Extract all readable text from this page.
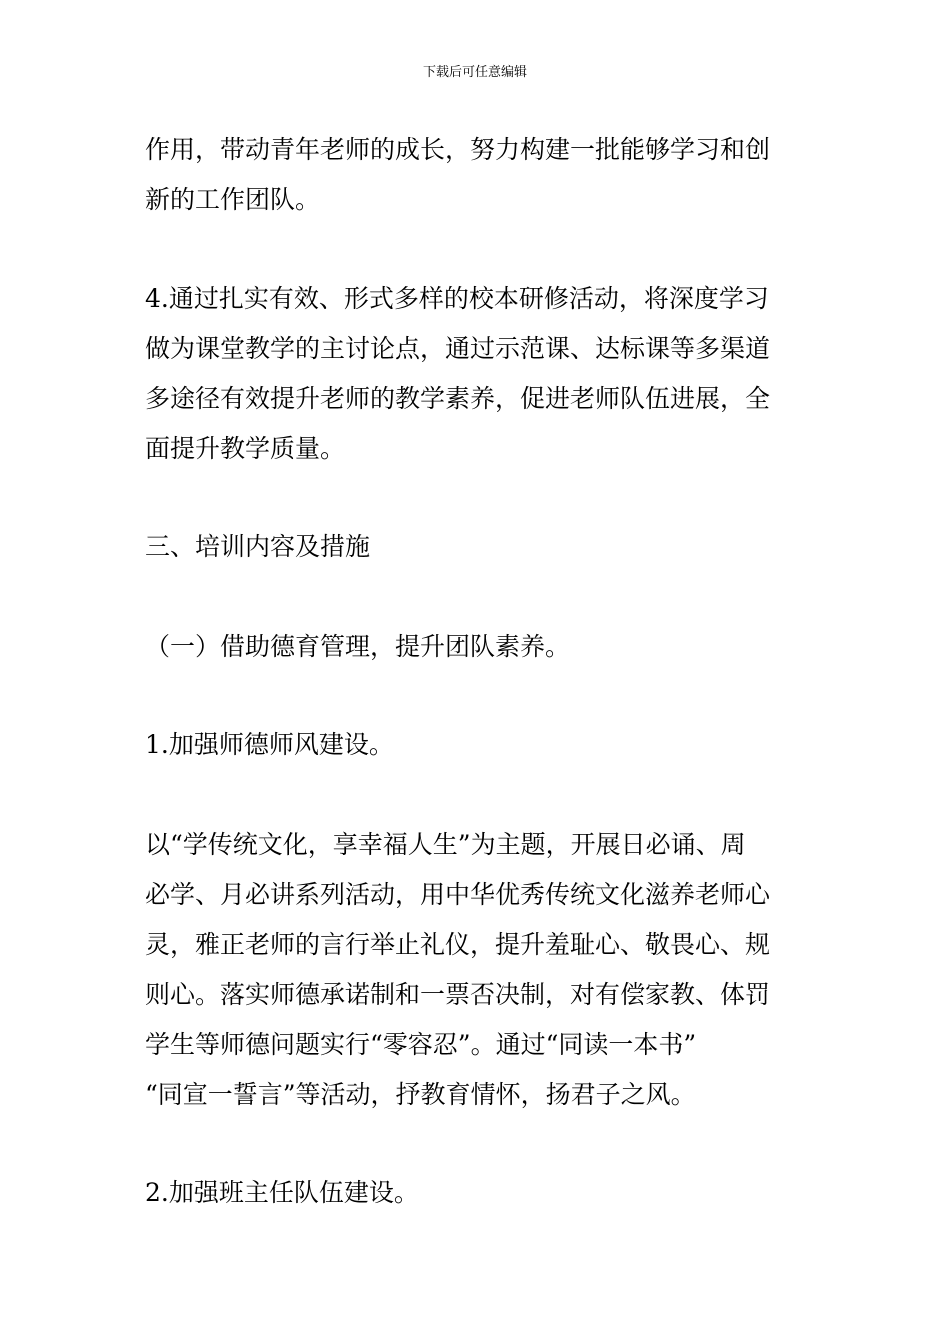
下载后可任意编辑
作用，带动青年老师的成长，努力构建一批能够学习和创
新的工作团队。
4.通过扎实有效、形式多样的校本研修活动，将深度学习
做为课堂教学的主讨论点，通过示范课、达标课等多渠道
多途径有效提升老师的教学素养，促进老师队伍进展，全
面提升教学质量。
三、培训内容及措施
（一）借助德育管理，提升团队素养。
1.加强师德师风建设。
以“学传统文化，享幸福人生”为主题，开展日必诵、周
必学、月必讲系列活动，用中华优秀传统文化滋养老师心
灵，雅正老师的言行举止礼仪，提升羞耻心、敬畏心、规
则心。落实师德承诺制和一票否决制，对有偿家教、体罚
学生等师德问题实行“零容忍”。通过“同读一本书”
“同宣一誓言”等活动，抒教育情怀，扬君子之风。
2.加强班主任队伍建设。
